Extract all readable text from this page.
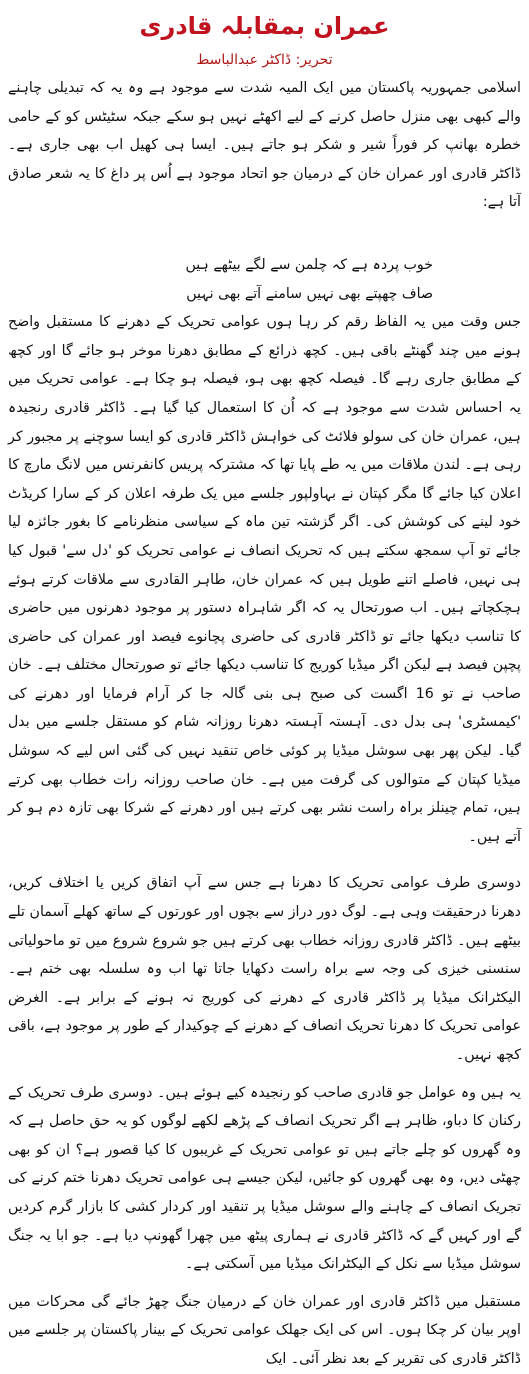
عمران بمقابلہ قادری
تحریر: ڈاکٹر عبدالباسط

اسلامی جمہوریہ پاکستان میں ایک المیہ شدت سے موجود ہے وہ یہ کہ تبدیلی چاہنے والے کبھی بھی منزل حاصل کرنے کے لیے اکھٹے نہیں ہو سکے جبکہ سٹیٹس کو کے حامی خطرہ بھانپ کر فوراً شیر و شکر ہو جاتے ہیں۔ ایسا ہی کھیل اب بھی جاری ہے۔ ڈاکٹر قادری اور عمران خان کے درمیان جو اتحاد موجود ہے اُس پر داغ کا یہ شعر صادق آتا ہے:

خوب پردہ ہے کہ چلمن سے لگے بیٹھے ہیں
صاف چھپتے بھی نہیں سامنے آتے بھی نہیں

جس وقت میں یہ الفاظ رقم کر رہا ہوں عوامی تحریک کے دھرنے کا مستقبل واضح ہونے میں چند گھنٹے باقی ہیں۔ کچھ ذرائع کے مطابق دھرنا موخر ہو جائے گا اور کچھ کے مطابق جاری رہے گا۔ فیصلہ کچھ بھی ہو، فیصلہ ہو چکا ہے۔ عوامی تحریک میں یہ احساس شدت سے موجود ہے کہ اُن کا استعمال کیا گیا ہے۔ ڈاکٹر قادری رنجیدہ ہیں، عمران خان کی سولو فلائٹ کی خواہش ڈاکٹر قادری کو ایسا سوچنے پر مجبور کر رہی ہے۔ لندن ملاقات میں یہ طے پایا تھا کہ مشترکہ پریس کانفرنس میں لانگ مارچ کا اعلان کیا جائے گا مگر کپتان نے بہاولپور جلسے میں یک طرفہ اعلان کر کے سارا کریڈٹ خود لینے کی کوشش کی۔ اگر گزشتہ تین ماہ کے سیاسی منظرنامے کا بغور جائزہ لیا جائے تو آپ سمجھ سکتے ہیں کہ تحریک انصاف نے عوامی تحریک کو 'دل سے' قبول کیا ہی نہیں، فاصلے اتنے طویل ہیں کہ عمران خان، طاہر القادری سے ملاقات کرتے ہوئے ہچکچاتے ہیں۔ اب صورتحال یہ کہ اگر شاہراہ دستور پر موجود دھرنوں میں حاضری کا تناسب دیکھا جائے تو ڈاکٹر قادری کی حاضری پچانوے فیصد اور عمران کی حاضری پچپن فیصد ہے لیکن اگر میڈیا کوریج کا تناسب دیکھا جائے تو صورتحال مختلف ہے۔ خان صاحب نے تو 16 اگست کی صبح ہی بنی گالہ جا کر آرام فرمایا اور دھرنے کی 'کیمسٹری' ہی بدل دی۔ آہستہ آہستہ دھرنا روزانہ شام کو مستقل جلسے میں بدل گیا۔ لیکن پھر بھی سوشل میڈیا پر کوئی خاص تنقید نہیں کی گئی اس لیے کہ سوشل میڈیا کپتان کے متوالوں کی گرفت میں ہے۔ خان صاحب روزانہ رات خطاب بھی کرتے ہیں، تمام چینلز براہ راست نشر بھی کرتے ہیں اور دھرنے کے شرکا بھی تازہ دم ہو کر آتے ہیں۔

دوسری طرف عوامی تحریک کا دھرنا ہے جس سے آپ اتفاق کریں یا اختلاف کریں، دھرنا درحقیقت وہی ہے۔ لوگ دور دراز سے بچوں اور عورتوں کے ساتھ کھلے آسمان تلے بیٹھے ہیں۔ ڈاکٹر قادری روزانہ خطاب بھی کرتے ہیں جو شروع شروع میں تو ماحولیاتی سنسنی خیزی کی وجہ سے براہ راست دکھایا جاتا تھا اب وہ سلسلہ بھی ختم ہے۔ الیکٹرانک میڈیا پر ڈاکٹر قادری کے دھرنے کی کوریج نہ ہونے کے برابر ہے۔ الغرض عوامی تحریک کا دھرنا تحریک انصاف کے دھرنے کے چوکیدار کے طور پر موجود ہے، باقی کچھ نہیں۔

یہ ہیں وہ عوامل جو قادری صاحب کو رنجیدہ کیے ہوئے ہیں۔ دوسری طرف تحریک کے رکنان کا دباو، ظاہر ہے اگر تحریک انصاف کے پڑھے لکھے لوگوں کو یہ حق حاصل ہے کہ وہ گھروں کو چلے جاتے ہیں تو عوامی تحریک کے غریبوں کا کیا قصور ہے؟ ان کو بھی چھٹی دیں، وہ بھی گھروں کو جائیں، لیکن جیسے ہی عوامی تحریک دھرنا ختم کرنے کی تجریک انصاف کے چاہنے والے سوشل میڈیا پر تنقید اور کردار کشی کا بازار گرم کردیں گے اور کہیں گے کہ ڈاکٹر قادری نے ہماری پیٹھ میں چھرا گھونپ دیا ہے۔ جو ابا یہ جنگ سوشل میڈیا سے نکل کے الیکٹرانک میڈیا میں آسکتی ہے۔

مستقبل میں ڈاکٹر قادری اور عمران خان کے درمیان جنگ چھڑ جائے گی محرکات میں اوپر بیان کر چکا ہوں۔ اس کی ایک جھلک عوامی تحریک کے بینار پاکستان پر جلسے میں ڈاکٹر قادری کی تقریر کے بعد نظر آئی۔ ایک
